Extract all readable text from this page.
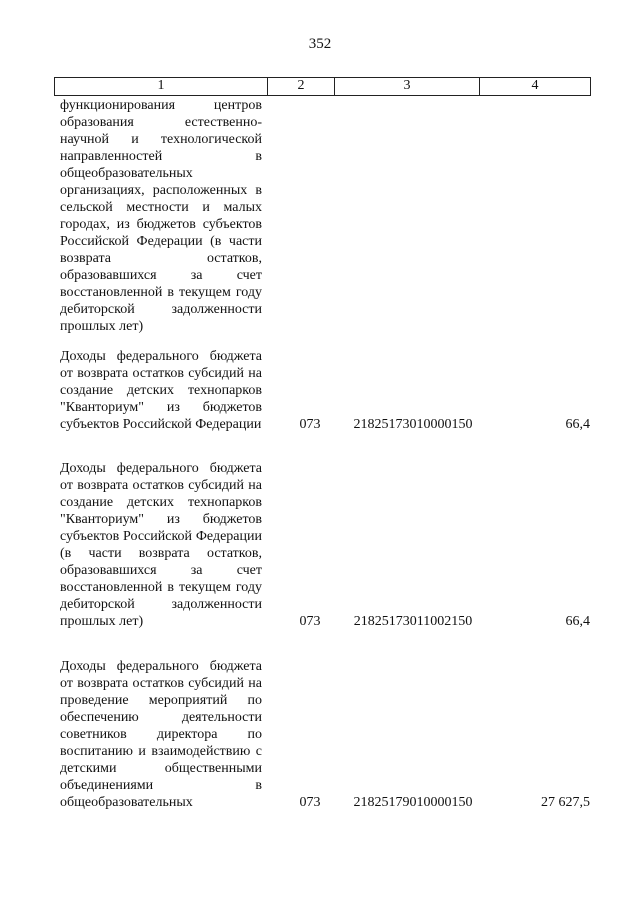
352
1	2	3	4
функционирования центров образования естественно-научной и технологической направленностей в общеобразовательных организациях, расположенных в сельской местности и малых городах, из бюджетов субъектов Российской Федерации (в части возврата остатков, образовавшихся за счет восстановленной в текущем году дебиторской задолженности прошлых лет)
Доходы федерального бюджета от возврата остатков субсидий на создание детских технопарков "Кванториум" из бюджетов субъектов Российской Федерации	073	21825173010000150	66,4
Доходы федерального бюджета от возврата остатков субсидий на создание детских технопарков "Кванториум" из бюджетов субъектов Российской Федерации (в части возврата остатков, образовавшихся за счет восстановленной в текущем году дебиторской задолженности прошлых лет)	073	21825173011002150	66,4
Доходы федерального бюджета от возврата остатков субсидий на проведение мероприятий по обеспечению деятельности советников директора по воспитанию и взаимодействию с детскими общественными объединениями в общеобразовательных	073	21825179010000150	27 627,5
